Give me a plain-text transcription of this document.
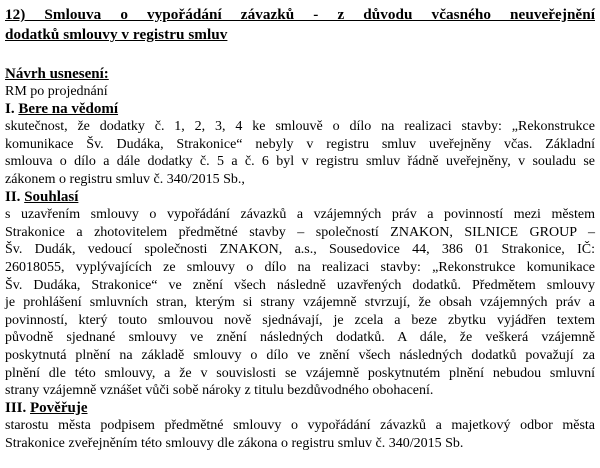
12) Smlouva o vypořádání závazků - z důvodu včasného neuveřejnění
dodatků smlouvy v registru smluv

Návrh usnesení:

RM po projednání

I. Bere na vědomí

skutečnost, že dodatky č. 1, 2, 3, 4 ke smlouvě o dílo na realizaci stavby: „Rekonstrukce
komunikace Šv. Dudáka, Strakonice“ nebyly v registru smluv uveřejněny včas. Základní
smlouva o dílo a dále dodatky č. 5 a č. 6 byl v registru smluv řádně uveřejněny, v souladu se
zákonem o registru smluv č. 340/2015 Sb.,

II. Souhlasí

s uzavřením smlouvy o vypořádání závazků a vzájemných práv a povinností mezi městem
Strakonice a zhotovitelem předmětné stavby – společností ZNAKON, SILNICE GROUP –
Šv. Dudák, vedoucí společnosti ZNAKON, a.s., Sousedovice 44, 386 01 Strakonice, IČ:
26018055, vyplývajících ze smlouvy o dílo na realizaci stavby: „Rekonstrukce komunikace
Šv. Dudáka, Strakonice“ ve znění všech následně uzavřených dodatků. Předmětem smlouvy
je prohlášení smluvních stran, kterým si strany vzájemně stvrzují, že obsah vzájemných práv a
povinností, který touto smlouvou nově sjednávají, je zcela a beze zbytku vyjádřen textem
původně sjednané smlouvy ve znění následných dodatků. A dále, že veškerá vzájemně
poskytnutá plnění na základě smlouvy o dílo ve znění všech následných dodatků považují za
plnění dle této smlouvy, a že v souvislosti se vzájemně poskytnutém plnění nebudou smluvní
strany vzájemně vznášet vůči sobě nároky z titulu bezdůvodného obohacení.

III. Pověřuje

starostu města podpisem předmětné smlouvy o vypořádání závazků a majetkový odbor města
Strakonice zveřejněním této smlouvy dle zákona o registru smluv č. 340/2015 Sb.
